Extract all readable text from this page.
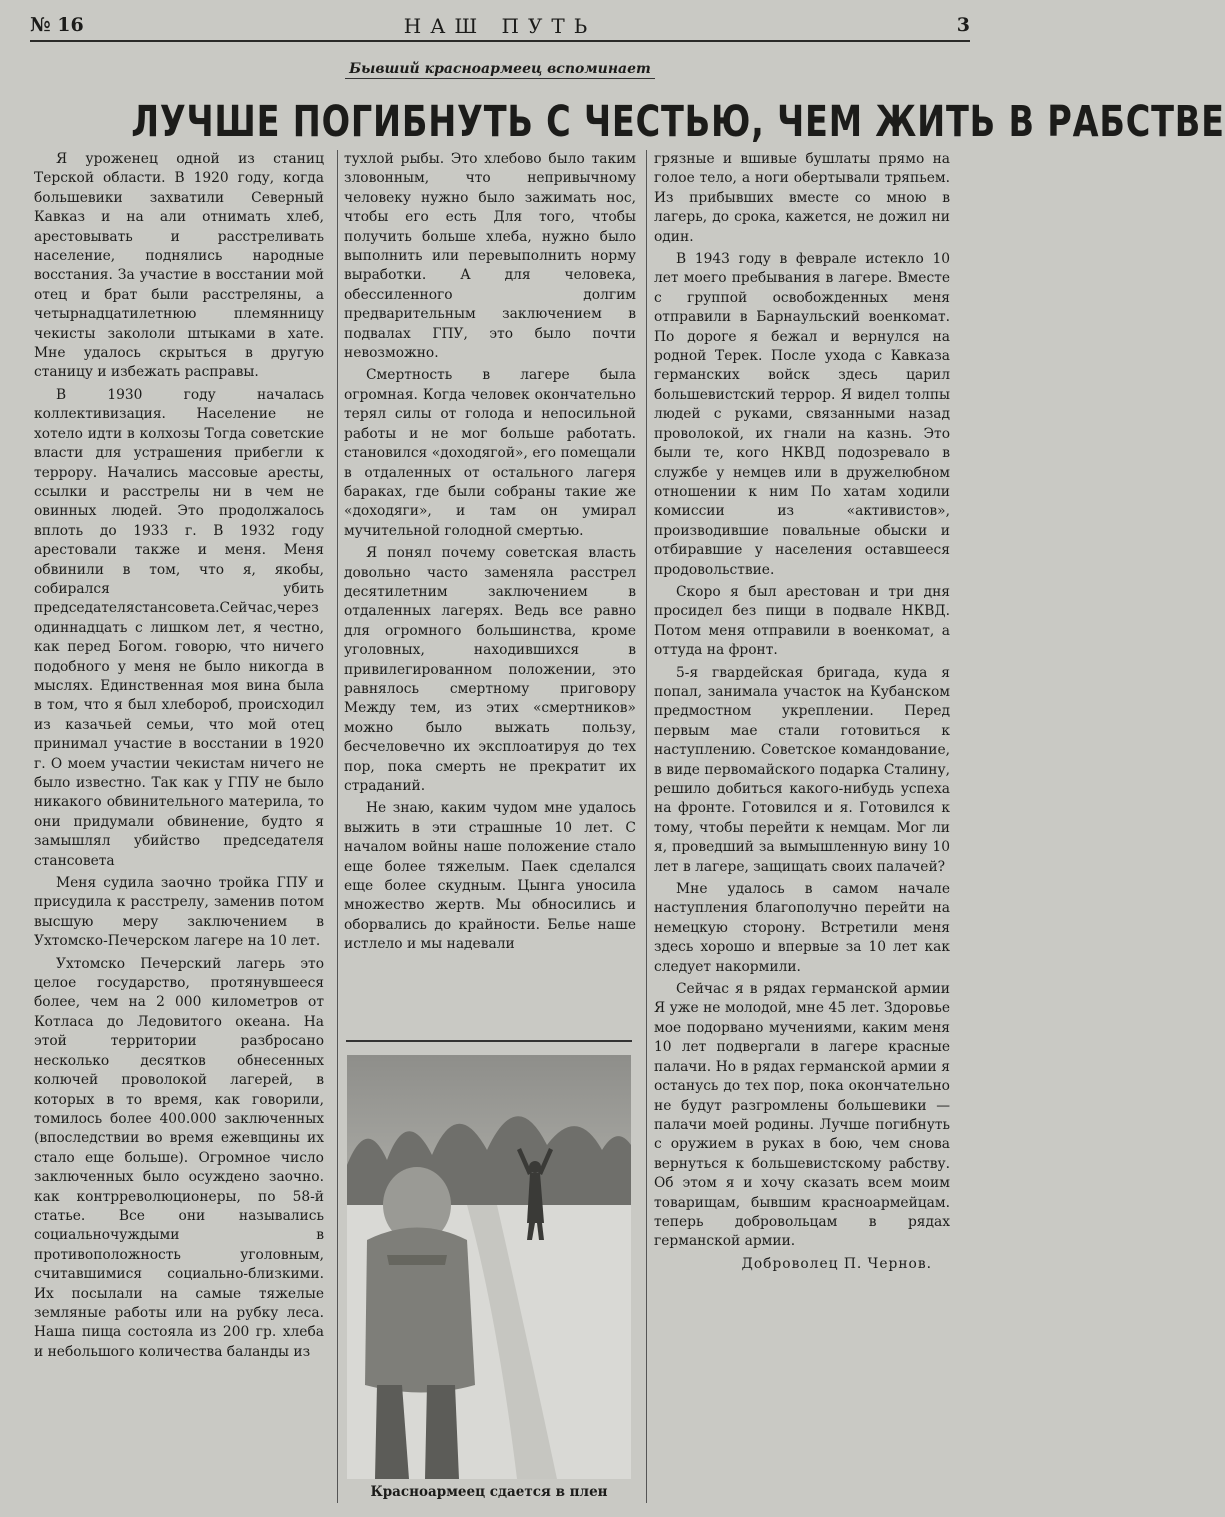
№ 16	НАШ ПУТЬ	3
Бывший красноармеец вспоминает
ЛУЧШЕ ПОГИБНУТЬ С ЧЕСТЬЮ, ЧЕМ ЖИТЬ В РАБСТВЕ

Я уроженец одной из станиц Терской области. В 1920 году, когда большевики захватили Северный Кавказ и на али отнимать хлеб, арестовывать и расстреливать население, поднялись народные восстания. За участие в восстании мой отец и брат были расстреляны, а четырнадцатилетнюю племянницу чекисты закололи штыками в хате. Мне удалось скрыться в другую станицу и избежать расправы.

В 1930 году началась коллективизация. Население не хотело идти в колхозы Тогда советские власти для устрашения прибегли к террору. Начались массовые аресты, ссылки и расстрелы ни в чем не овинных людей. Это продолжалось вплоть до 1933 г. В 1932 году арестовали также и меня. Меня обвинили в том, что я, якобы, собирался убить председателястансовета.Сейчас,через одиннадцать с лишком лет, я честно, как перед Богом. говорю, что ничего подобного у меня не было никогда в мыслях. Единственная моя вина была в том, что я был хлебороб, происходил из казачьей семьи, что мой отец принимал участие в восстании в 1920 г. О моем участии чекистам ничего не было известно. Так как у ГПУ не было никакого обвинительного материла, то они придумали обвинение, будто я замышлял убийство председателя стансовета

Меня судила заочно тройка ГПУ и присудила к расстрелу, заменив потом высшую меру заключением в Ухтомско-Печерском лагере на 10 лет.

Ухтомско Печерский лагерь это целое государство, протянувшееся более, чем на 2 000 километров от Котласа до Ледовитого океана. На этой территории разбросано несколько десятков обнесенных колючей проволокой лагерей, в которых в то время, как говорили, томилось более 400.000 заключенных (впоследствии во время ежевщины их стало еще больше). Огромное число заключенных было осуждено заочно. как контрреволюционеры, по 58-й статье. Все они назывались социальночуждыми в противоположность уголовным, считавшимися социально-близкими. Их посылали на самые тяжелые земляные работы или на рубку леса. Наша пища состояла из 200 гр. хлеба и небольшого количества баланды из

тухлой рыбы. Это хлебово было таким зловонным, что непривычному человеку нужно было зажимать нос, чтобы его есть Для того, чтобы получить больше хлеба, нужно было выполнить или перевыполнить норму выработки. А для человека, обессиленного долгим предварительным заключением в подвалах ГПУ, это было почти невозможно.

Смертность в лагере была огромная. Когда человек окончательно терял силы от голода и непосильной работы и не мог больше работать. становился «доходягой», его помещали в отдаленных от остального лагеря бараках, где были собраны такие же «доходяги», и там он умирал мучительной голодной смертью.

Я понял почему советская власть довольно часто заменяла расстрел десятилетним заключением в отдаленных лагерях. Ведь все равно для огромного большинства, кроме уголовных, находившихся в привилегированном положении, это равнялось смертному приговору Между тем, из этих «смертников» можно было выжать пользу, бесчеловечно их эксплоатируя до тех пор, пока смерть не прекратит их страданий.

Не знаю, каким чудом мне удалось выжить в эти страшные 10 лет. С началом войны наше положение стало еще более тяжелым. Паек сделался еще более скудным. Цынга уносила множество жертв. Мы обносились и оборвались до крайности. Белье наше истлело и мы надевали

грязные и вшивые бушлаты прямо на голое тело, а ноги обертывали тряпьем. Из прибывших вместе со мною в лагерь, до срока, кажется, не дожил ни один.

В 1943 году в феврале истекло 10 лет моего пребывания в лагере. Вместе с группой освобожденных меня отправили в Барнаульский военкомат. По дороге я бежал и вернулся на родной Терек. После ухода с Кавказа германских войск здесь царил большевистский террор. Я видел толпы людей с руками, связанными назад проволокой, их гнали на казнь. Это были те, кого НКВД подозревало в службе у немцев или в дружелюбном отношении к ним По хатам ходили комиссии из «активистов», производившие повальные обыски и отбиравшие у населения оставшееся продовольствие.

Скоро я был арестован и три дня просидел без пищи в подвале НКВД. Потом меня отправили в военкомат, а оттуда на фронт.

5-я гвардейская бригада, куда я попал, занимала участок на Кубанском предмостном укреплении. Перед первым мае стали готовиться к наступлению. Советское командование, в виде первомайского подарка Сталину, решило добиться какого-нибудь успеха на фронте. Готовился и я. Готовился к тому, чтобы перейти к немцам. Мог ли я, проведший за вымышленную вину 10 лет в лагере, защищать своих палачей?

Мне удалось в самом начале наступления благополучно перейти на немецкую сторону. Встретили меня здесь хорошо и впервые за 10 лет как следует накормили.

Сейчас я в рядах германской армии Я уже не молодой, мне 45 лет. Здоровье мое подорвано мучениями, каким меня 10 лет подвергали в лагере красные палачи. Но в рядах германской армии я останусь до тех пор, пока окончательно не будут разгромлены большевики — палачи моей родины. Лучше погибнуть с оружием в руках в бою, чем снова вернуться к большевистскому рабству. Об этом я и хочу сказать всем моим товарищам, бывшим красноармейцам. теперь добровольцам в рядах германской армии.

Доброволец П. Чернов.

Красноармеец сдается в плен
